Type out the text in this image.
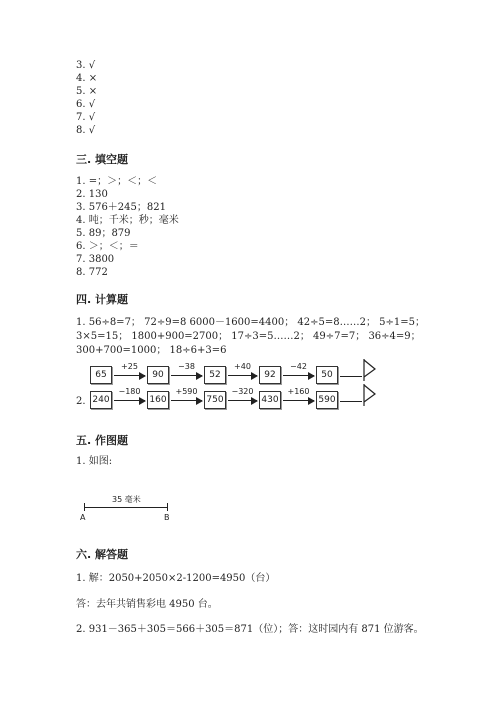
3. √
4. ×
5. ×
6. √
7. √
8. √
三. 填空题
1. =；＞；＜；＜
2. 130
3. 576＋245；821
4. 吨；千米；秒；毫米
5. 89；879
6. ＞；＜；＝
7. 3800
8. 772
四. 计算题
1. 56÷8=7； 72÷9=8 6000－1600=4400； 42÷5=8……2； 5÷1=5；
3×5=15； 1800+900=2700； 17÷3=5……2； 49÷7=7； 36÷4=9；
300+700=1000； 18÷6+3=6
65	90	52	92	50
+25	−38	+40	−42
240	160	750	430	590
−180	+590	−320	+160
2.
五. 作图题
1. 如图:
35 毫米
A	B
六. 解答题
1. 解：2050+2050×2-1200=4950（台）
答：去年共销售彩电 4950 台。
2. 931－365＋305＝566＋305＝871（位）；答：这时园内有 871 位游客。
